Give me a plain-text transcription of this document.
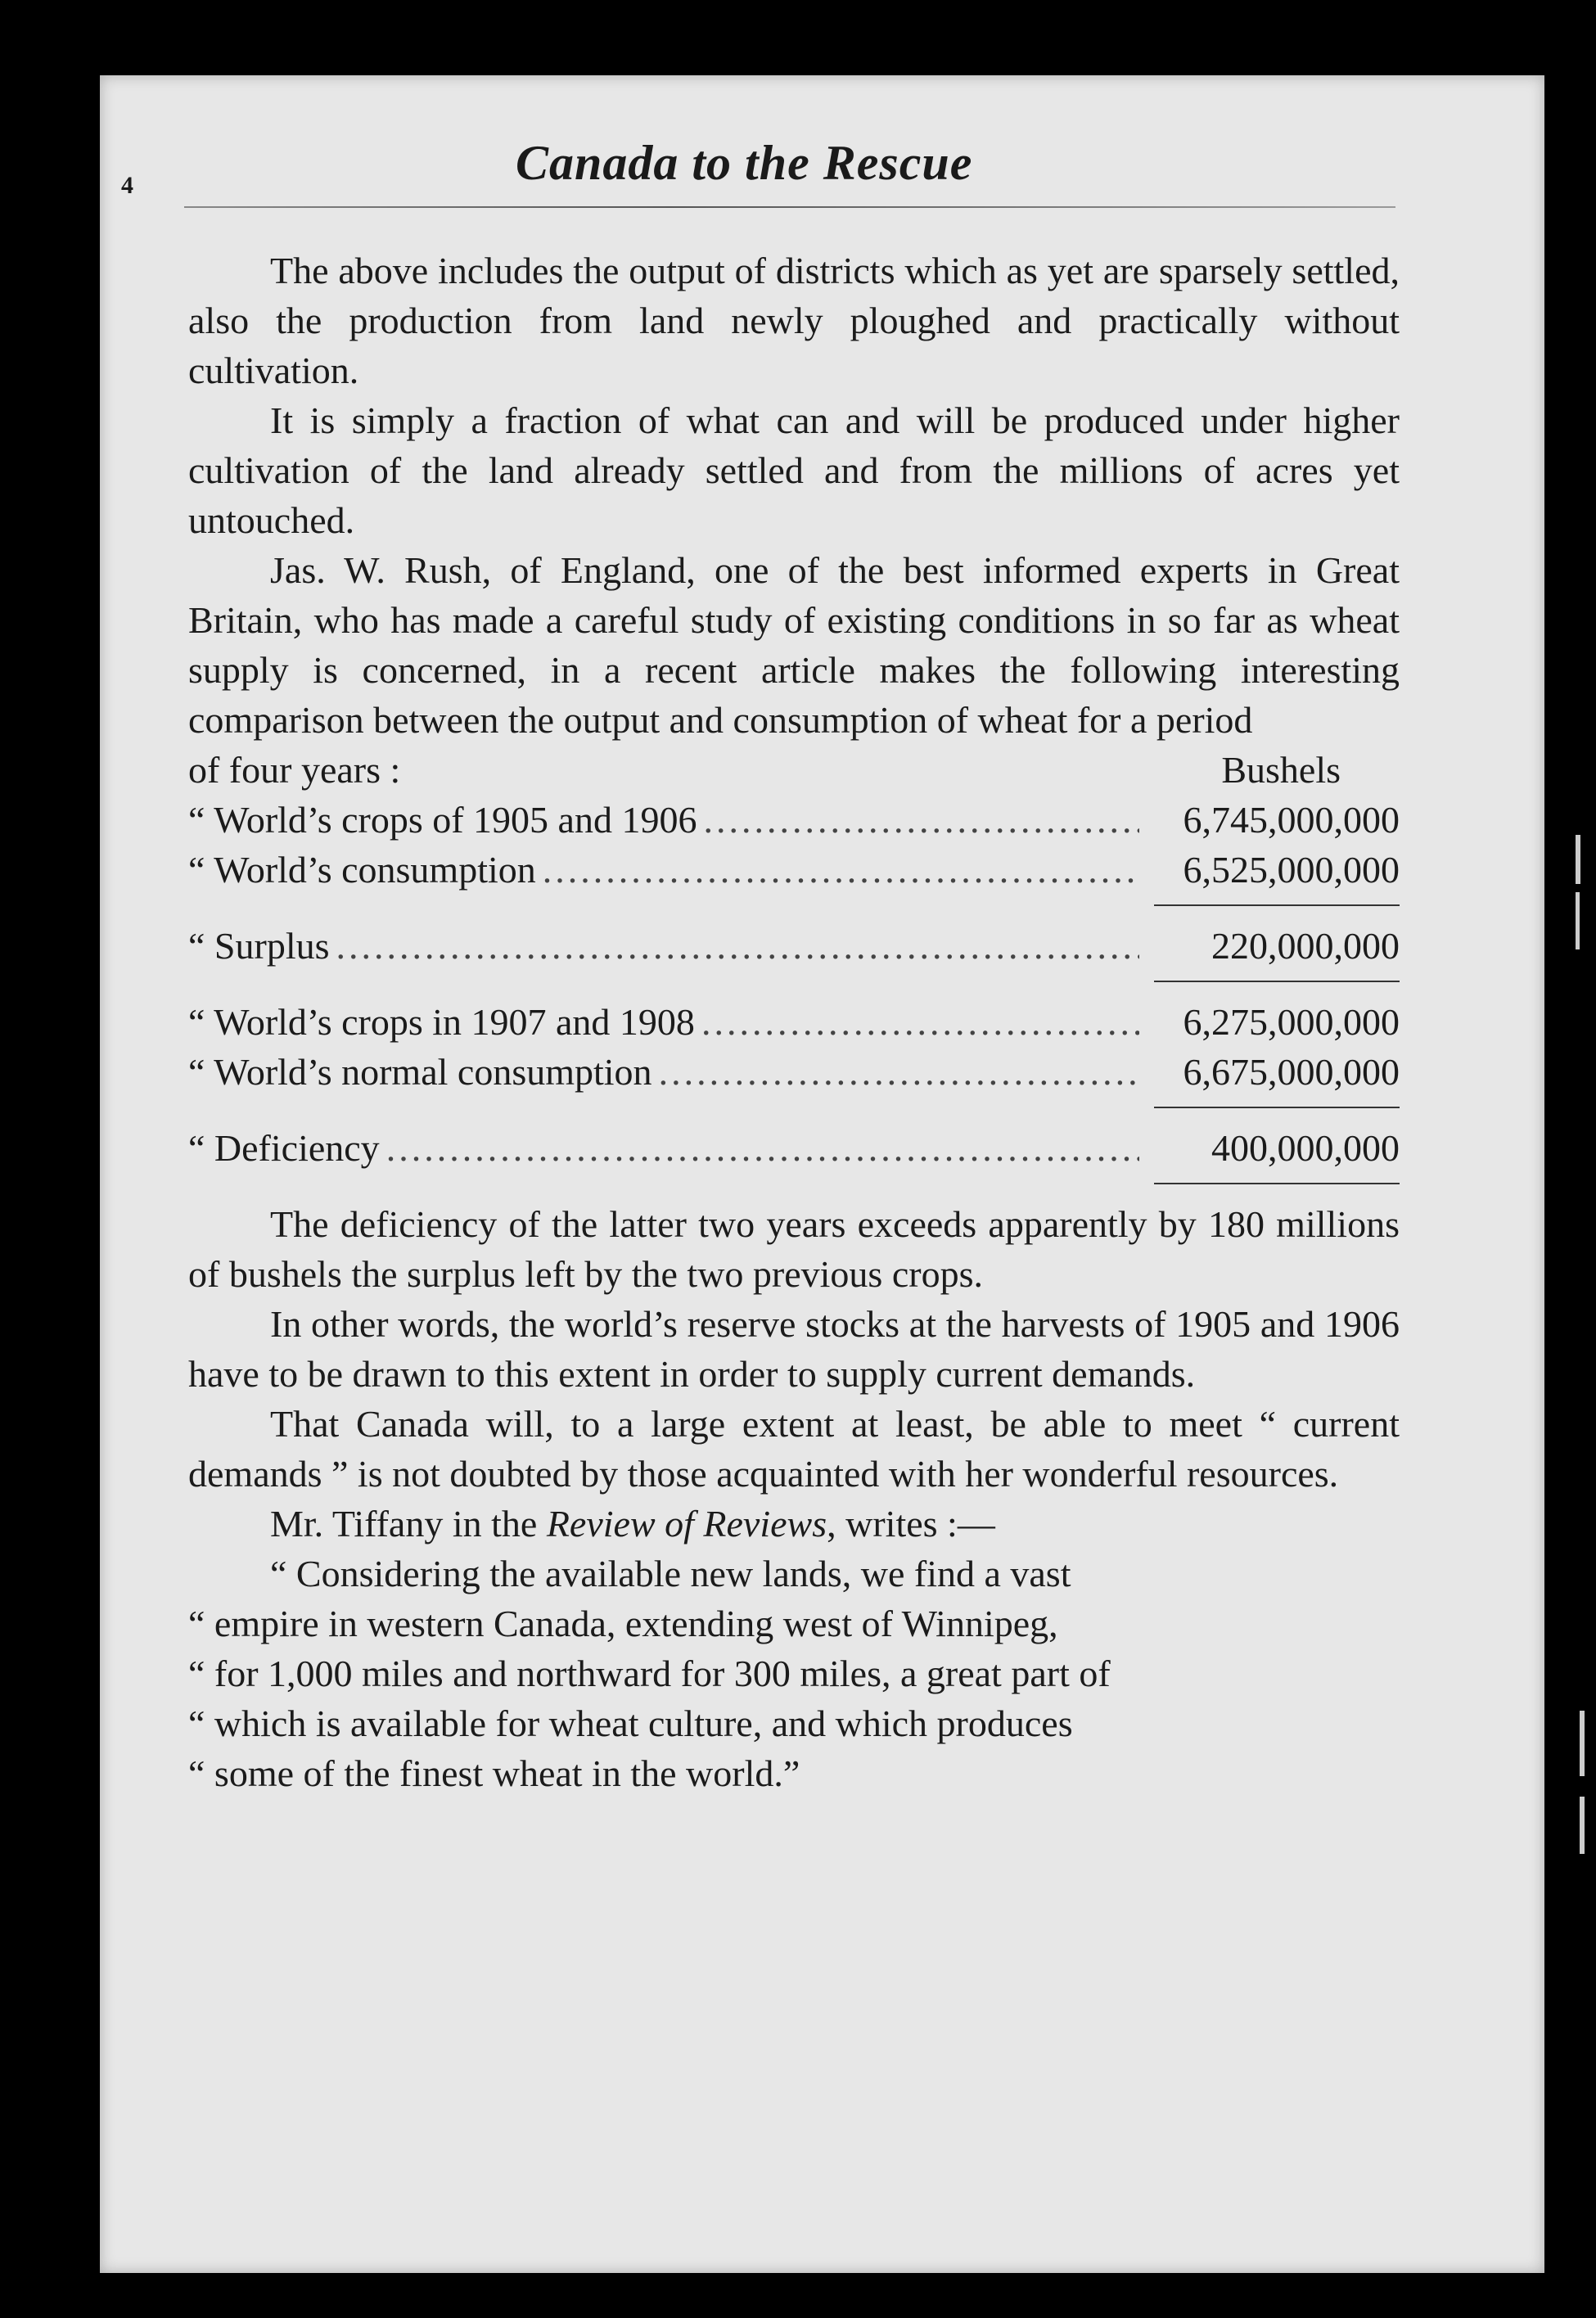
4	Canada to the Rescue

The above includes the output of districts which as yet are sparsely settled, also the production from land newly ploughed and practically without cultivation.

It is simply a fraction of what can and will be produced under higher cultivation of the land already settled and from the millions of acres yet untouched.

Jas. W. Rush, of England, one of the best informed experts in Great Britain, who has made a careful study of existing conditions in so far as wheat supply is concerned, in a recent article makes the following interesting comparison between the output and consumption of wheat for a period

of four years :	Bushels
“ World’s crops of 1905 and 1906 .....	6,745,000,000
“ World’s consumption .....	6,525,000,000
“ Surplus .....	220,000,000
“ World’s crops in 1907 and 1908 .....	6,275,000,000
“ World’s normal consumption .....	6,675,000,000
“ Deficiency .....	400,000,000

The deficiency of the latter two years exceeds apparently by 180 millions of bushels the surplus left by the two previous crops.

In other words, the world’s reserve stocks at the harvests of 1905 and 1906 have to be drawn to this extent in order to supply current demands.

That Canada will, to a large extent at least, be able to meet “ current demands ” is not doubted by those acquainted with her wonderful resources.

Mr. Tiffany in the Review of Reviews, writes :—

“ Considering the available new lands, we find a vast

“ empire in western Canada, extending west of Winnipeg,

“ for 1,000 miles and northward for 300 miles, a great part of

“ which is available for wheat culture, and which produces

“ some of the finest wheat in the world.”
